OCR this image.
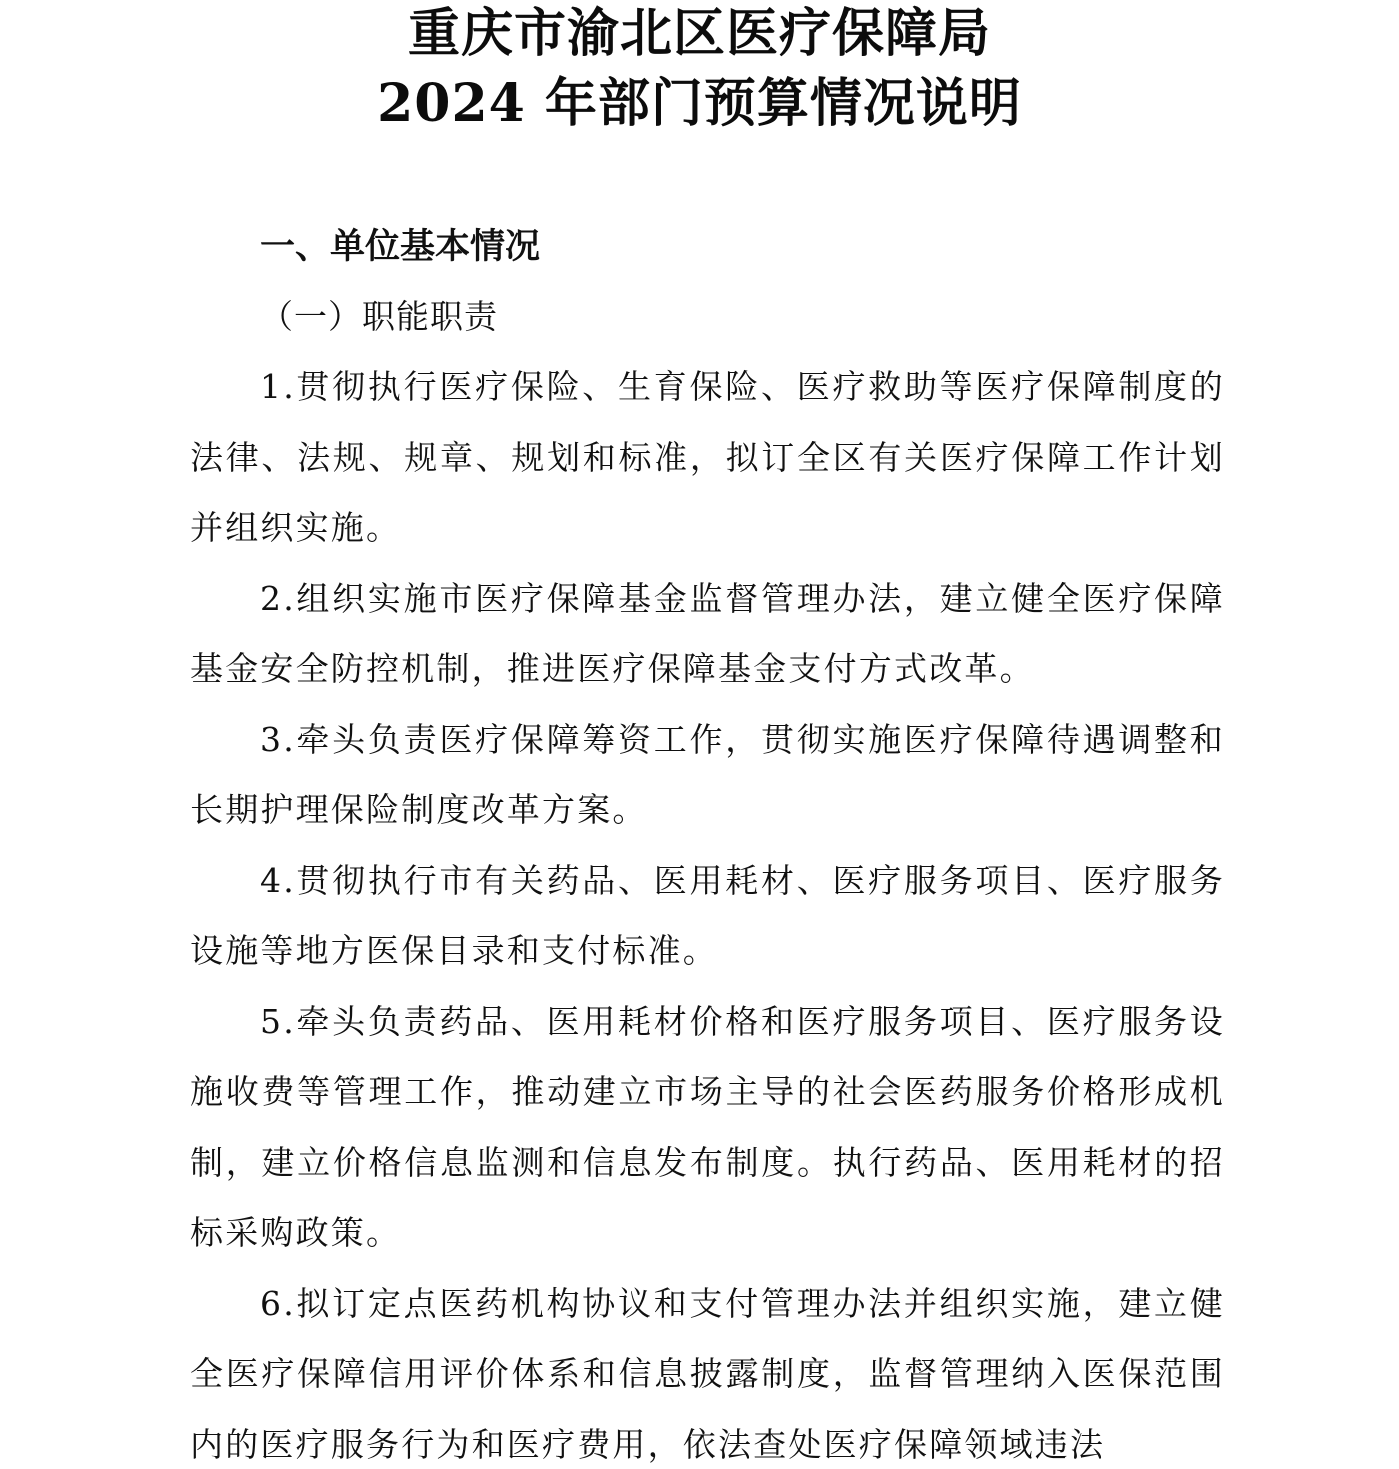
重庆市渝北区医疗保障局
2024 年部门预算情况说明

一、单位基本情况

（一）职能职责

1.贯彻执行医疗保险、生育保险、医疗救助等医疗保障制度的法律、法规、规章、规划和标准，拟订全区有关医疗保障工作计划并组织实施。

2.组织实施市医疗保障基金监督管理办法，建立健全医疗保障基金安全防控机制，推进医疗保障基金支付方式改革。

3.牵头负责医疗保障筹资工作，贯彻实施医疗保障待遇调整和长期护理保险制度改革方案。

4.贯彻执行市有关药品、医用耗材、医疗服务项目、医疗服务设施等地方医保目录和支付标准。

5.牵头负责药品、医用耗材价格和医疗服务项目、医疗服务设施收费等管理工作，推动建立市场主导的社会医药服务价格形成机制，建立价格信息监测和信息发布制度。执行药品、医用耗材的招标采购政策。

6.拟订定点医药机构协议和支付管理办法并组织实施，建立健全医疗保障信用评价体系和信息披露制度，监督管理纳入医保范围内的医疗服务行为和医疗费用，依法查处医疗保障领域违法
